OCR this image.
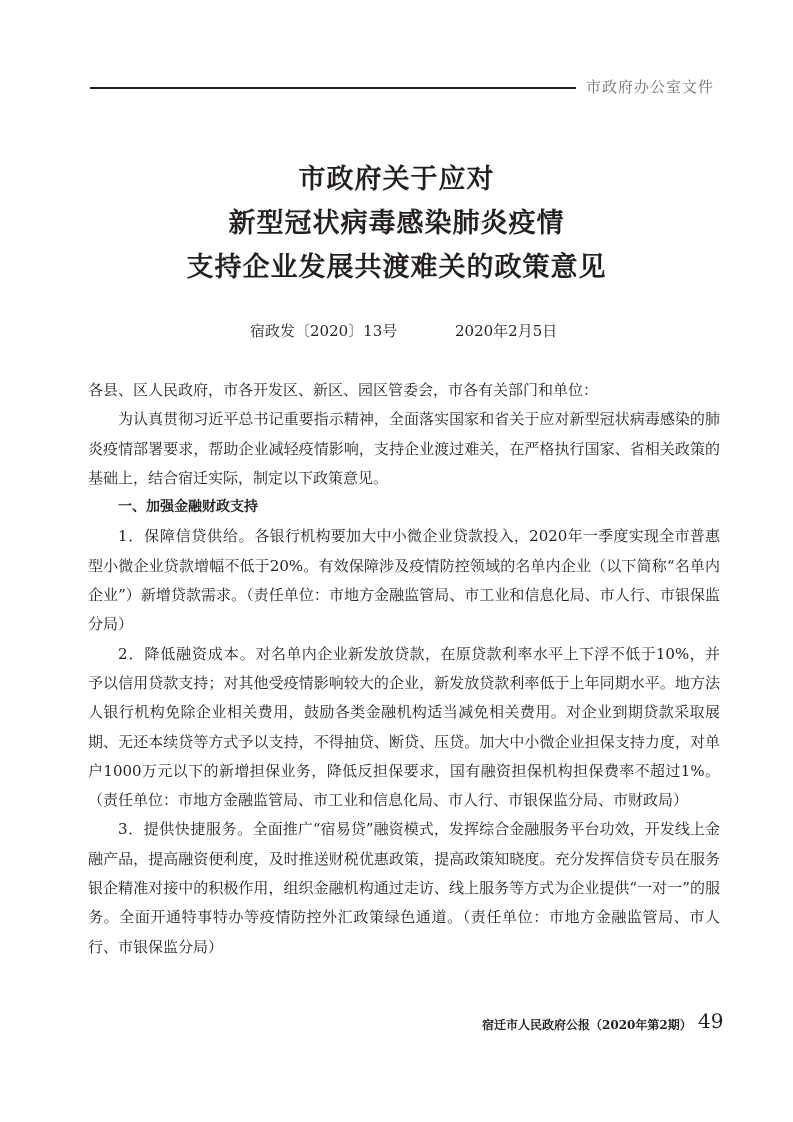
市政府办公室文件
市政府关于应对
新型冠状病毒感染肺炎疫情
支持企业发展共渡难关的政策意见
宿政发〔2020〕13号	2020年2月5日

各县、区人民政府，市各开发区、新区、园区管委会，市各有关部门和单位：

为认真贯彻习近平总书记重要指示精神，全面落实国家和省关于应对新型冠状病毒感染的肺炎疫情部署要求，帮助企业减轻疫情影响，支持企业渡过难关，在严格执行国家、省相关政策的基础上，结合宿迁实际，制定以下政策意见。

一、加强金融财政支持

1．保障信贷供给。各银行机构要加大中小微企业贷款投入，2020年一季度实现全市普惠型小微企业贷款增幅不低于20%。有效保障涉及疫情防控领域的名单内企业（以下简称“名单内企业”）新增贷款需求。（责任单位：市地方金融监管局、市工业和信息化局、市人行、市银保监分局）

2．降低融资成本。对名单内企业新发放贷款，在原贷款利率水平上下浮不低于10%，并予以信用贷款支持；对其他受疫情影响较大的企业，新发放贷款利率低于上年同期水平。地方法人银行机构免除企业相关费用，鼓励各类金融机构适当减免相关费用。对企业到期贷款采取展期、无还本续贷等方式予以支持，不得抽贷、断贷、压贷。加大中小微企业担保支持力度，对单户1000万元以下的新增担保业务，降低反担保要求，国有融资担保机构担保费率不超过1%。（责任单位：市地方金融监管局、市工业和信息化局、市人行、市银保监分局、市财政局）

3．提供快捷服务。全面推广“宿易贷”融资模式，发挥综合金融服务平台功效，开发线上金融产品，提高融资便利度，及时推送财税优惠政策，提高政策知晓度。充分发挥信贷专员在服务银企精准对接中的积极作用，组织金融机构通过走访、线上服务等方式为企业提供“一对一”的服务。全面开通特事特办等疫情防控外汇政策绿色通道。（责任单位：市地方金融监管局、市人行、市银保监分局）

宿迁市人民政府公报（2020年第2期） 49
